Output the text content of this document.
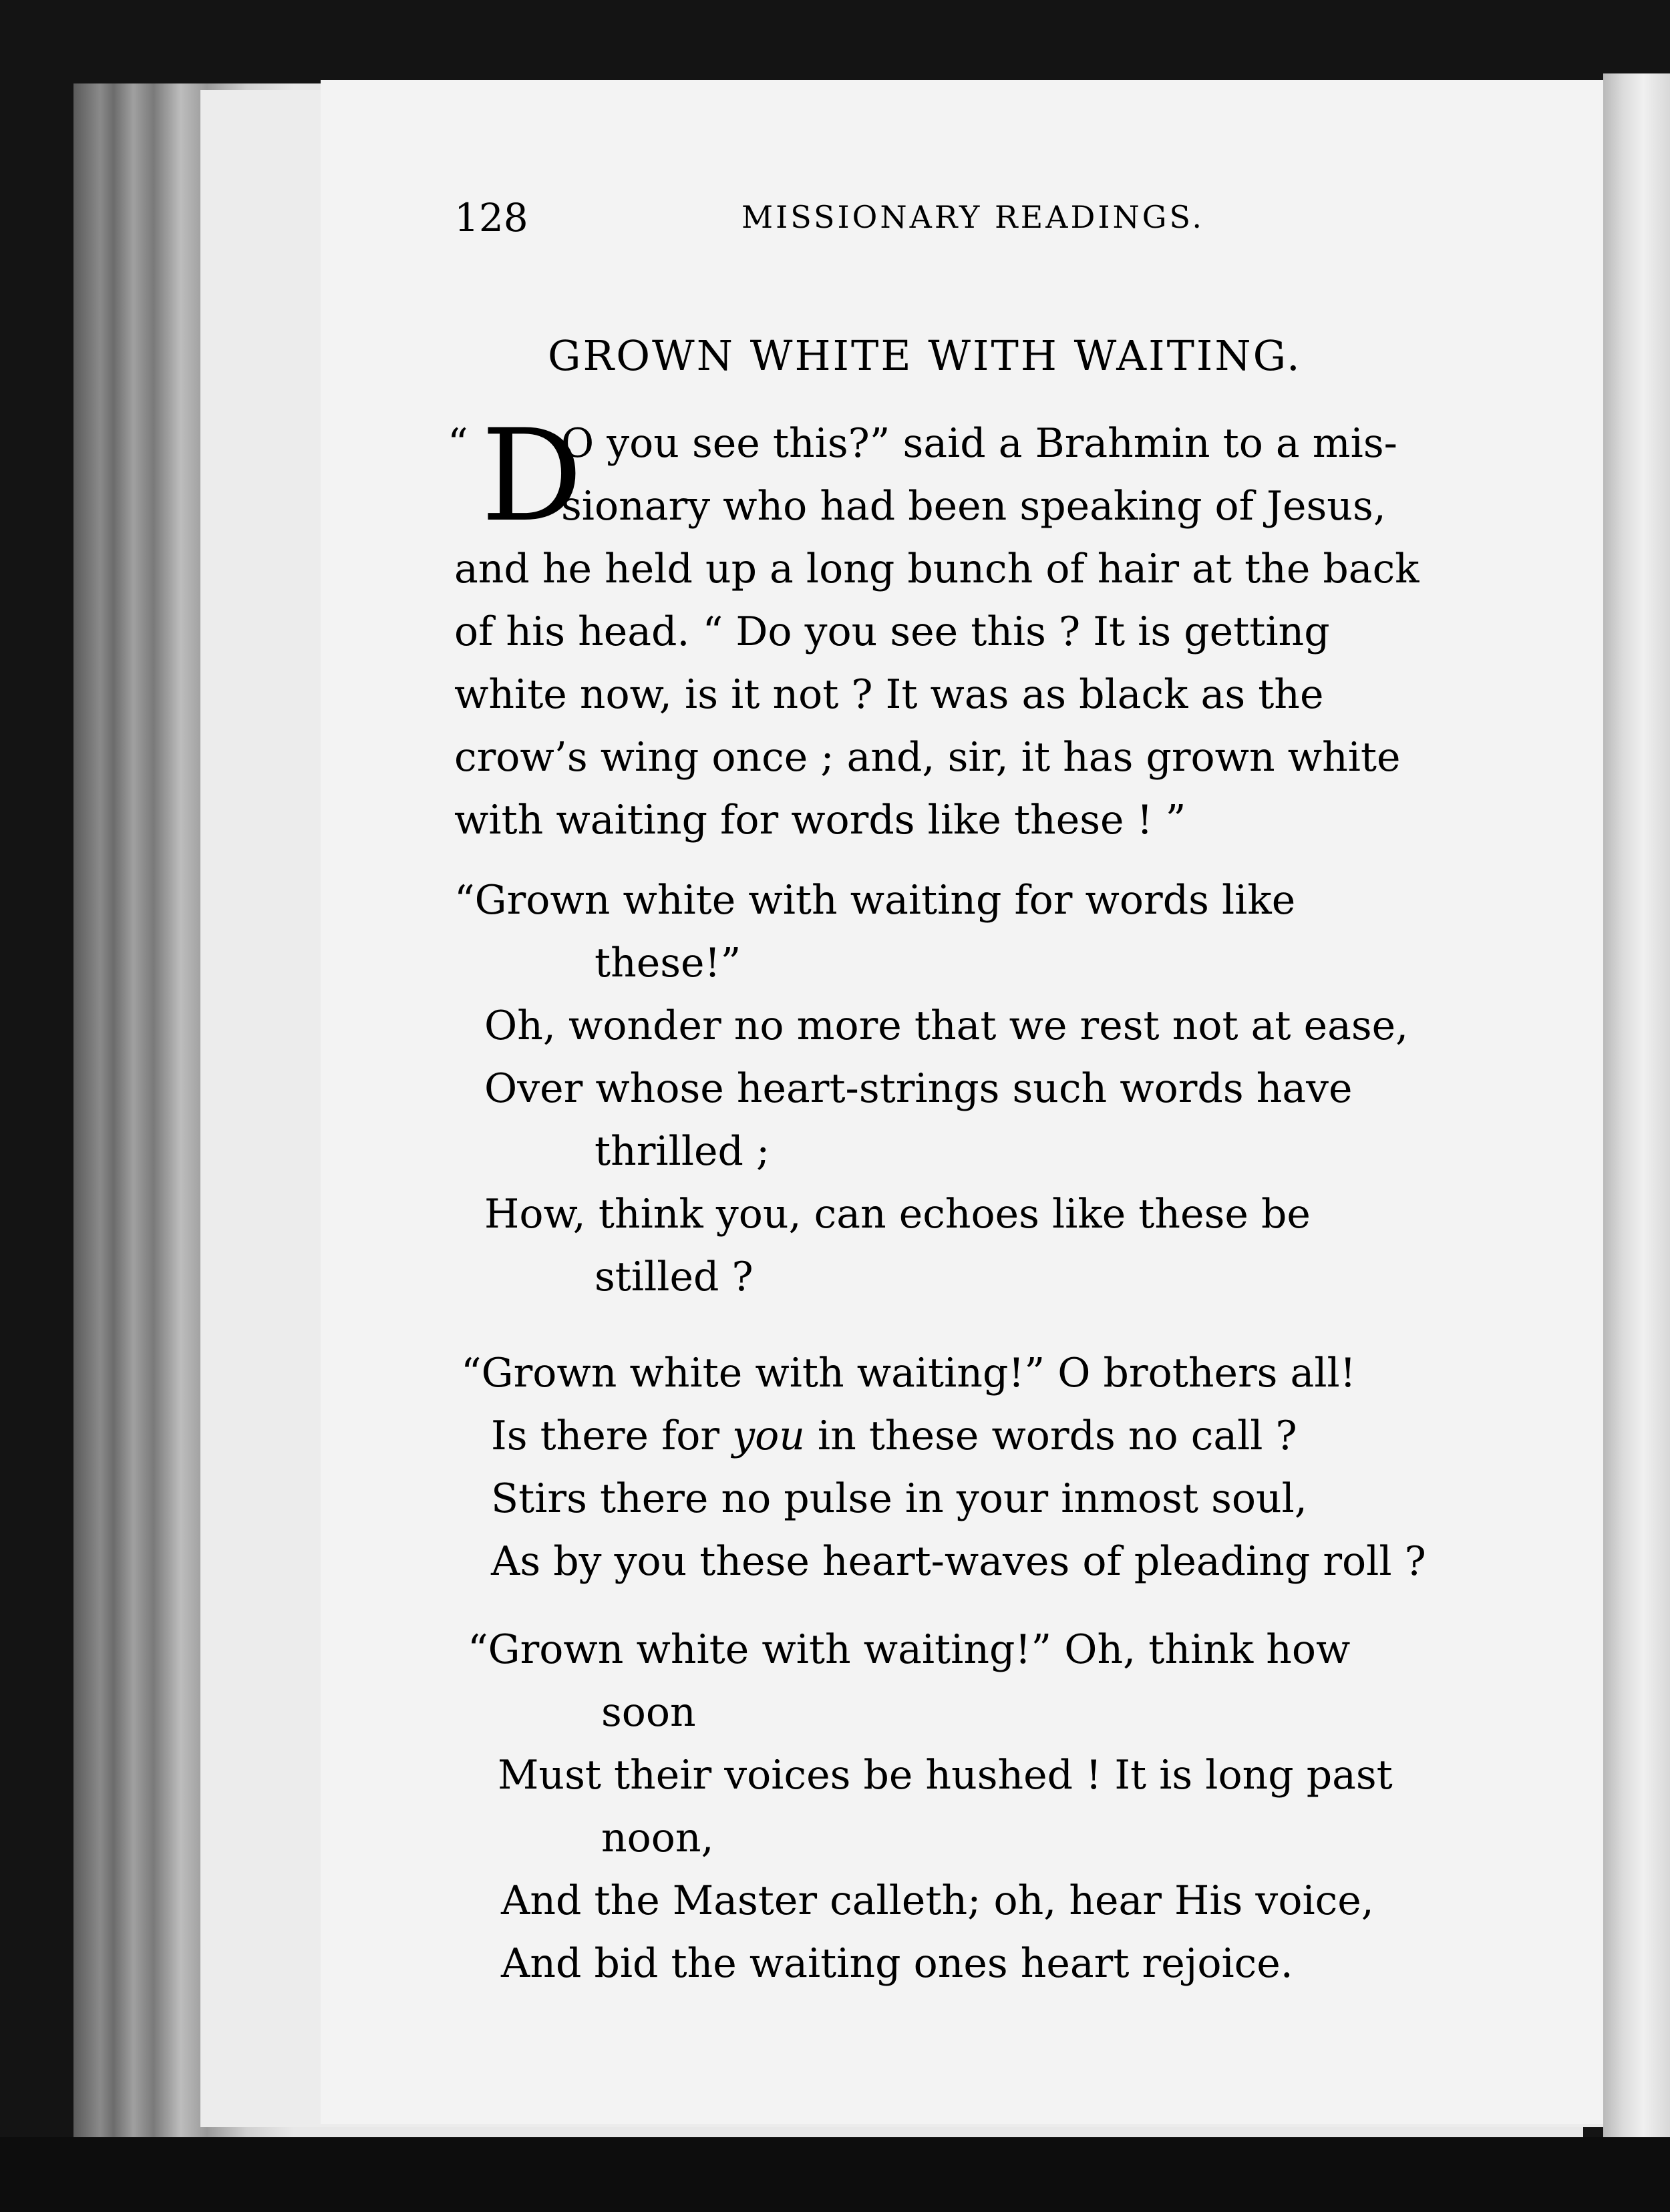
128	MISSIONARY READINGS.
GROWN WHITE WITH WAITING.
“ D
O you see this?” said a Brahmin to a mis-
sionary who had been speaking of Jesus,
and he held up a long bunch of hair at the back
of his head. “ Do you see this ? It is getting
white now, is it not ? It was as black as the
crow’s wing once ; and, sir, it has grown white
with waiting for words like these ! ”
“Grown white with waiting for words like
these!”
Oh, wonder no more that we rest not at ease,
Over whose heart-strings such words have
thrilled ;
How, think you, can echoes like these be
stilled ?
“Grown white with waiting!” O brothers all!
Is there for you in these words no call ?
Stirs there no pulse in your inmost soul,
As by you these heart-waves of pleading roll ?
“Grown white with waiting!” Oh, think how
soon
Must their voices be hushed ! It is long past
noon,
And the Master calleth; oh, hear His voice,
And bid the waiting ones heart rejoice.
